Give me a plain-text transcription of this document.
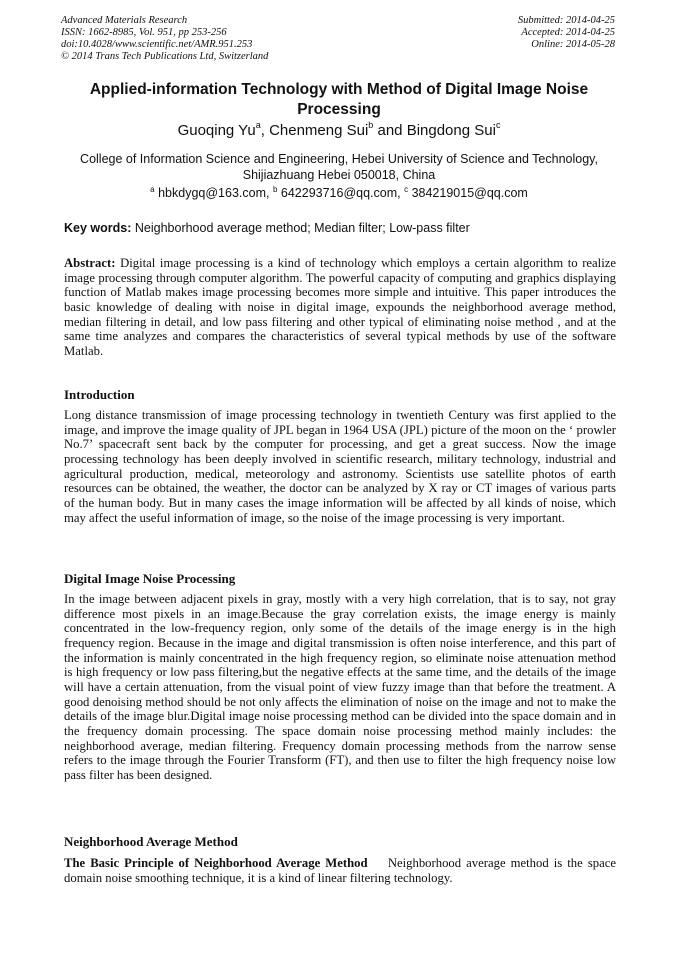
Advanced Materials Research
ISSN: 1662-8985, Vol. 951, pp 253-256
doi:10.4028/www.scientific.net/AMR.951.253
© 2014 Trans Tech Publications Ltd, Switzerland
Submitted: 2014-04-25
Accepted: 2014-04-25
Online: 2014-05-28
Applied-information Technology with Method of Digital Image Noise Processing
Guoqing Yu$^a$, Chenmeng Sui$^b$ and Bingdong Sui$^c$
College of Information Science and Engineering, Hebei University of Science and Technology, Shijiazhuang Hebei 050018, China
$^a$ hbkdygq@163.com, $^b$ 642293716@qq.com, $^c$ 384219015@qq.com
Key words: Neighborhood average method; Median filter; Low-pass filter
Abstract: Digital image processing is a kind of technology which employs a certain algorithm to realize image processing through computer algorithm. The powerful capacity of computing and graphics displaying function of Matlab makes image processing becomes more simple and intuitive. This paper introduces the basic knowledge of dealing with noise in digital image, expounds the neighborhood average method, median filtering in detail, and low pass filtering and other typical of eliminating noise method , and at the same time analyzes and compares the characteristics of several typical methods by use of the software Matlab.
Introduction
Long distance transmission of image processing technology in twentieth Century was first applied to the image, and improve the image quality of JPL began in 1964 USA (JPL) picture of the moon on the ‘ prowler No.7’ spacecraft sent back by the computer for processing, and get a great success. Now the image processing technology has been deeply involved in scientific research, military technology, industrial and agricultural production, medical, meteorology and astronomy. Scientists use satellite photos of earth resources can be obtained, the weather, the doctor can be analyzed by X ray or CT images of various parts of the human body. But in many cases the image information will be affected by all kinds of noise, which may affect the useful information of image, so the noise of the image processing is very important.
Digital Image Noise Processing
In the image between adjacent pixels in gray, mostly with a very high correlation, that is to say, not gray difference most pixels in an image.Because the gray correlation exists, the image energy is mainly concentrated in the low-frequency region, only some of the details of the image energy is in the high frequency region. Because in the image and digital transmission is often noise interference, and this part of the information is mainly concentrated in the high frequency region, so eliminate noise attenuation method is high frequency or low pass filtering,but the negative effects at the same time, and the details of the image will have a certain attenuation, from the visual point of view fuzzy image than that before the treatment. A good denoising method should be not only affects the elimination of noise on the image and not to make the details of the image blur.Digital image noise processing method can be divided into the space domain and in the frequency domain processing. The space domain noise processing method mainly includes: the neighborhood average, median filtering. Frequency domain processing methods from the narrow sense refers to the image through the Fourier Transform (FT), and then use to filter the high frequency noise low pass filter has been designed.
Neighborhood Average Method
The Basic Principle of Neighborhood Average Method Neighborhood average method is the space domain noise smoothing technique, it is a kind of linear filtering technology.
